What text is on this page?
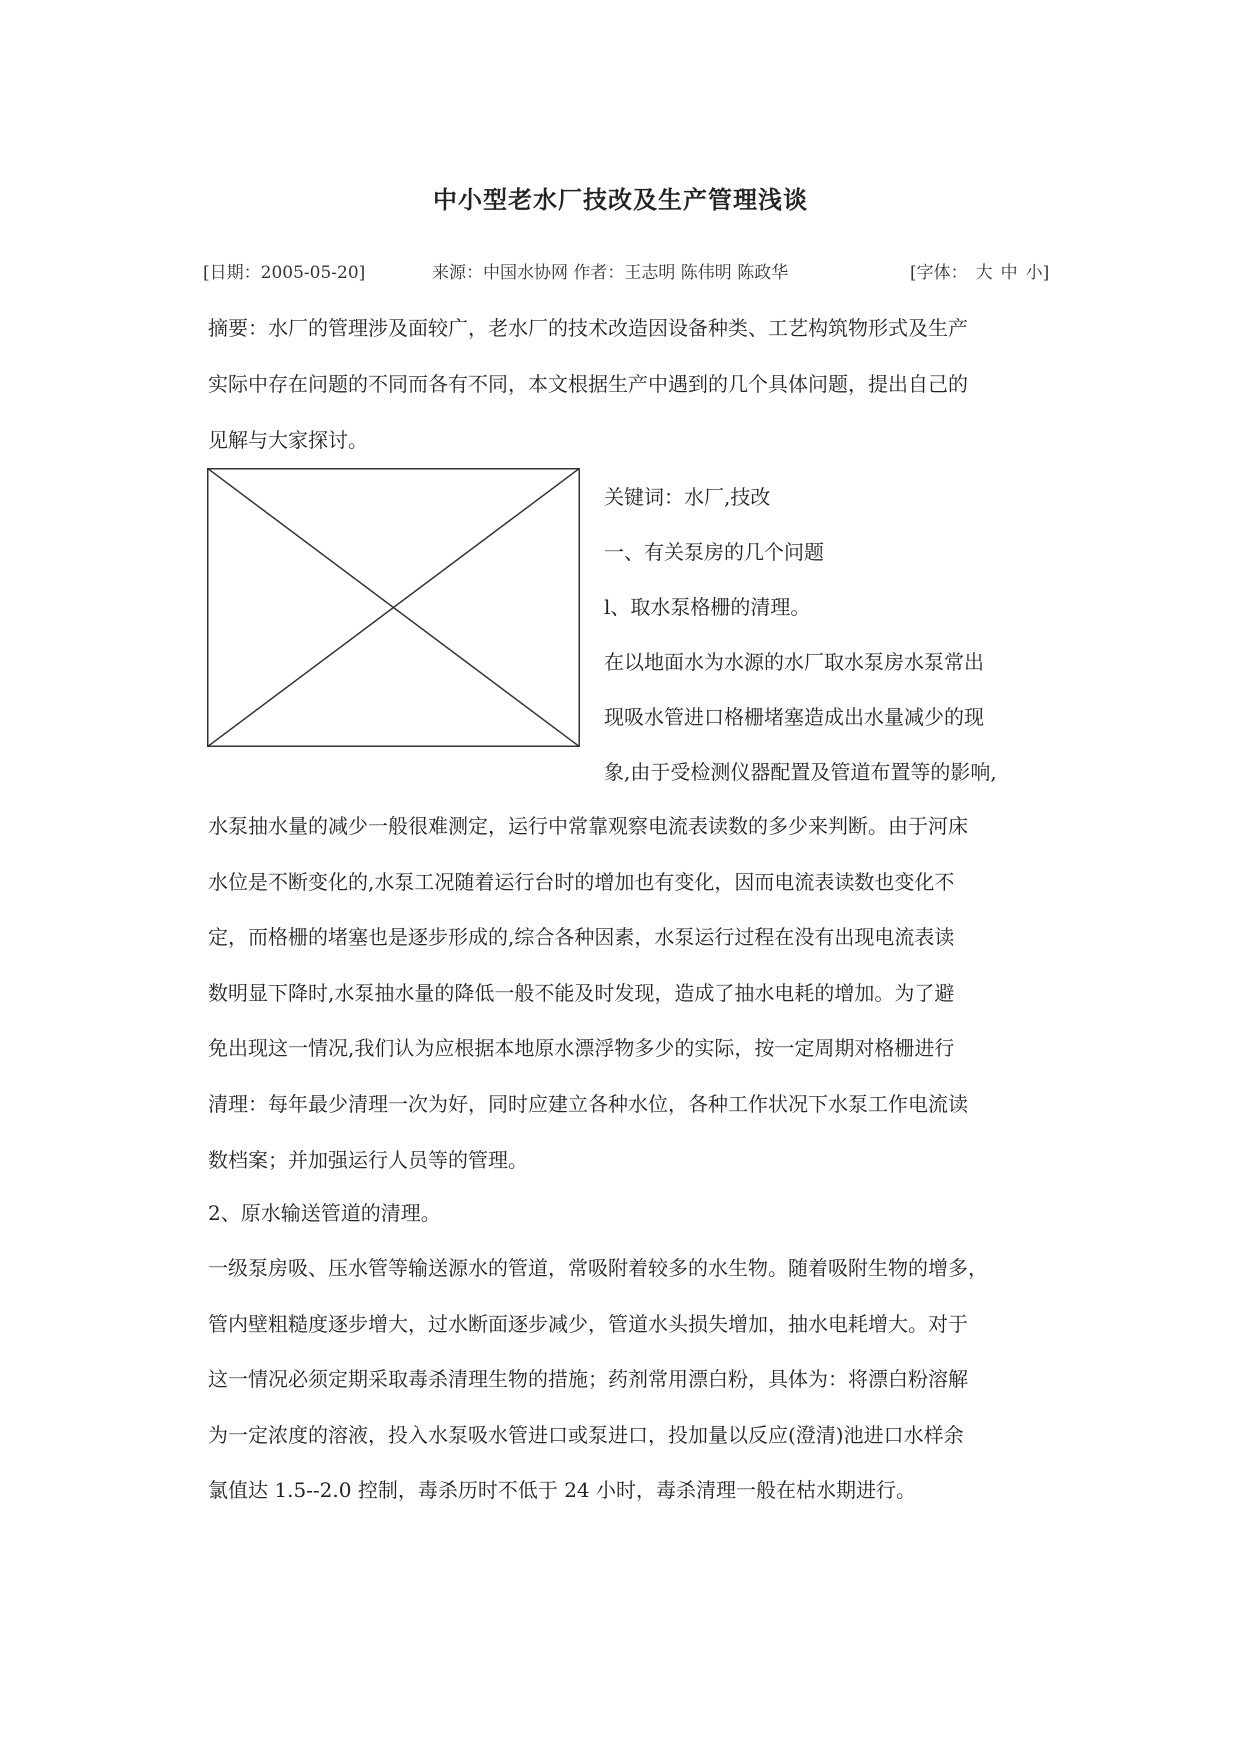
中小型老水厂技改及生产管理浅谈
[日期：2005-05-20]	来源：中国水协网 作者：王志明 陈伟明 陈政华	[字体： 大 中 小]
摘要：水厂的管理涉及面较广，老水厂的技术改造因设备种类、工艺构筑物形式及生产
实际中存在问题的不同而各有不同，本文根据生产中遇到的几个具体问题，提出自己的
见解与大家探讨。
关键词：水厂,技改
一、有关泵房的几个问题
l、取水泵格栅的清理。
在以地面水为水源的水厂取水泵房水泵常出
现吸水管进口格栅堵塞造成出水量减少的现
象,由于受检测仪器配置及管道布置等的影响,
水泵抽水量的减少一般很难测定，运行中常靠观察电流表读数的多少来判断。由于河床
水位是不断变化的,水泵工况随着运行台时的增加也有变化，因而电流表读数也变化不
定，而格栅的堵塞也是逐步形成的,综合各种因素，水泵运行过程在没有出现电流表读
数明显下降时,水泵抽水量的降低一般不能及时发现，造成了抽水电耗的增加。为了避
免出现这一情况,我们认为应根据本地原水漂浮物多少的实际，按一定周期对格栅进行
清理：每年最少清理一次为好，同时应建立各种水位，各种工作状况下水泵工作电流读
数档案；并加强运行人员等的管理。
2、原水输送管道的清理。
一级泵房吸、压水管等输送源水的管道，常吸附着较多的水生物。随着吸附生物的增多，
管内壁粗糙度逐步增大，过水断面逐步减少，管道水头损失增加，抽水电耗增大。对于
这一情况必须定期采取毒杀清理生物的措施；药剂常用漂白粉，具体为：将漂白粉溶解
为一定浓度的溶液，投入水泵吸水管进口或泵进口，投加量以反应(澄清)池进口水样余
氯值达 1.5--2.0 控制，毒杀历时不低于 24 小时，毒杀清理一般在枯水期进行。
